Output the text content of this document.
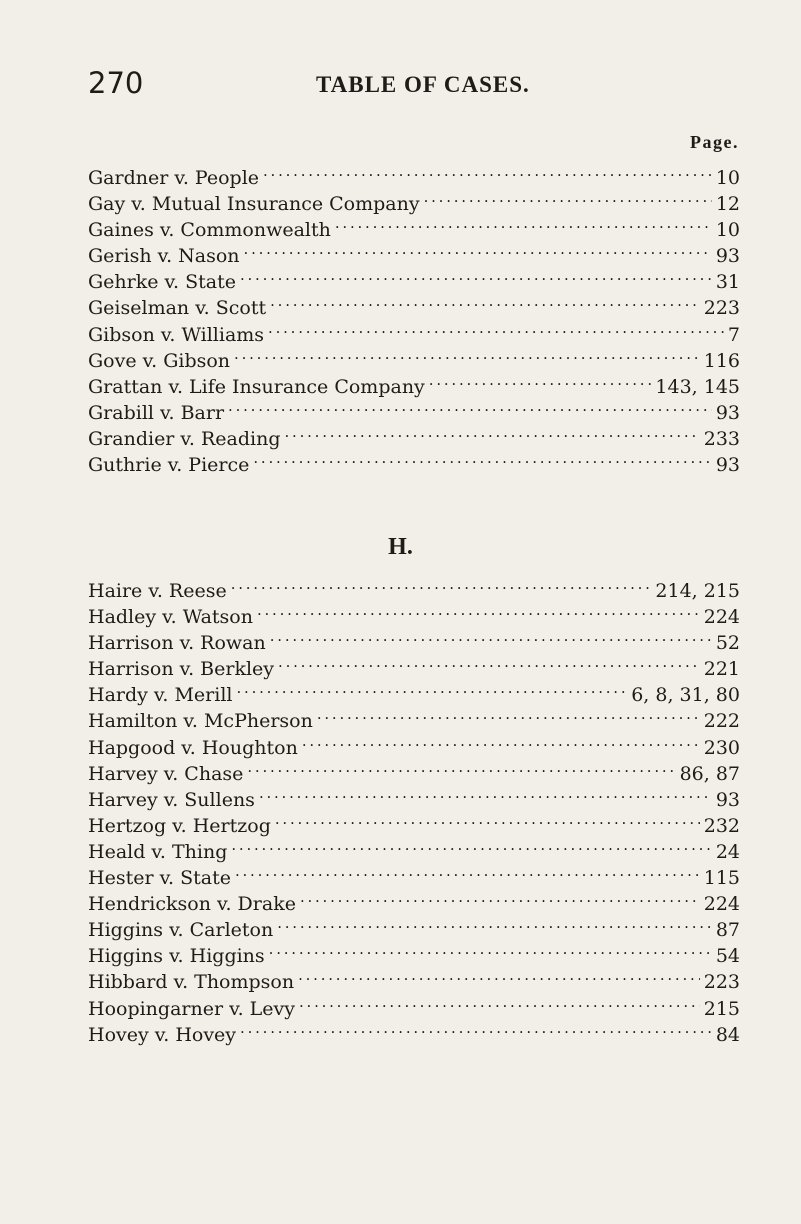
270	TABLE OF CASES.
Page.
Gardner v. People . . .	10
Gay v. Mutual Insurance Company . . .	12
Gaines v. Commonwealth . . .	10
Gerish v. Nason . . .	93
Gehrke v. State . . .	31
Geiselman v. Scott . . .	223
Gibson v. Williams . . .	7
Gove v. Gibson . . .	116
Grattan v. Life Insurance Company . . .	143, 145
Grabill v. Barr . . .	93
Grandier v. Reading . . .	233
Guthrie v. Pierce . . .	93
H.
Haire v. Reese . . .	214, 215
Hadley v. Watson . . .	224
Harrison v. Rowan . . .	52
Harrison v. Berkley . . .	221
Hardy v. Merill . . .	6, 8, 31, 80
Hamilton v. McPherson . . .	222
Hapgood v. Houghton . . .	230
Harvey v. Chase . . .	86, 87
Harvey v. Sullens . . .	93
Hertzog v. Hertzog . . .	232
Heald v. Thing . . .	24
Hester v. State . . .	115
Hendrickson v. Drake . . .	224
Higgins v. Carleton . . .	87
Higgins v. Higgins . . .	54
Hibbard v. Thompson . . .	223
Hoopingarner v. Levy . . .	215
Hovey v. Hovey . . .	84
